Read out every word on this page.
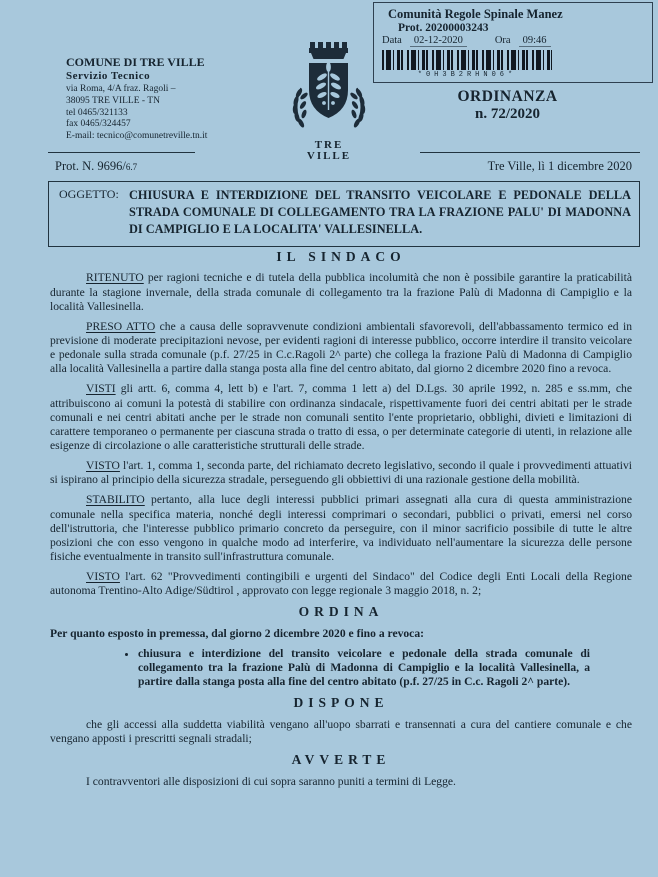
Comunità Regole Spinale Manez
Prot. 20200003243
Data	02-12-2020	Ora	09:46
*0H3B2RHN06*
COMUNE DI TRE VILLE
Servizio Tecnico
via Roma, 4/A fraz. Ragoli –
38095 TRE VILLE - TN
tel 0465/321133
fax 0465/324457
E-mail: tecnico@comunetreville.tn.it
TRE
VILLE
ORDINANZA
n. 72/2020
Prot. N. 9696/6.7	Tre Ville, lì 1 dicembre 2020
OGGETTO: CHIUSURA E INTERDIZIONE DEL TRANSITO VEICOLARE E PEDONALE DELLA STRADA COMUNALE DI COLLEGAMENTO TRA LA FRAZIONE PALU' DI MADONNA DI CAMPIGLIO E LA LOCALITA' VALLESINELLA.
IL SINDACO

RITENUTO per ragioni tecniche e di tutela della pubblica incolumità che non è possibile garantire la praticabilità durante la stagione invernale, della strada comunale di collegamento tra la frazione Palù di Madonna di Campiglio e la località Vallesinella.

PRESO ATTO che a causa delle sopravvenute condizioni ambientali sfavorevoli, dell'abbassamento termico ed in previsione di moderate precipitazioni nevose, per evidenti ragioni di interesse pubblico, occorre interdire il transito veicolare e pedonale sulla strada comunale (p.f. 27/25 in C.c.Ragoli 2^ parte) che collega la frazione Palù di Madonna di Campiglio alla località Vallesinella a partire dalla stanga posta alla fine del centro abitato, dal giorno 2 dicembre 2020 fino a revoca.

VISTI gli artt. 6, comma 4, lett b) e l'art. 7, comma 1 lett a) del D.Lgs. 30 aprile 1992, n. 285 e ss.mm, che attribuiscono ai comuni la potestà di stabilire con ordinanza sindacale, rispettivamente fuori dei centri abitati per le strade comunali e nei centri abitati anche per le strade non comunali sentito l'ente proprietario, obblighi, divieti e limitazioni di carattere temporaneo o permanente per ciascuna strada o tratto di essa, o per determinate categorie di utenti, in relazione alle esigenze di circolazione o alle caratteristiche strutturali delle strade.

VISTO l'art. 1, comma 1, seconda parte, del richiamato decreto legislativo, secondo il quale i provvedimenti attuativi si ispirano al principio della sicurezza stradale, perseguendo gli obbiettivi di una razionale gestione della mobilità.

STABILITO pertanto, alla luce degli interessi pubblici primari assegnati alla cura di questa amministrazione comunale nella specifica materia, nonché degli interessi comprimari o secondari, pubblici o privati, emersi nel corso dell'istruttoria, che l'interesse pubblico primario concreto da perseguire, con il minor sacrificio possibile di tutte le altre posizioni che con esso vengono in qualche modo ad interferire, va individuato nell'aumentare la sicurezza delle persone fisiche eventualmente in transito sull'infrastruttura comunale.

VISTO l'art. 62 "Provvedimenti contingibili e urgenti del Sindaco" del Codice degli Enti Locali della Regione autonoma Trentino-Alto Adige/Südtirol , approvato con legge regionale 3 maggio 2018, n. 2;

ORDINA

Per quanto esposto in premessa, dal giorno 2 dicembre 2020 e fino a revoca:

• chiusura e interdizione del transito veicolare e pedonale della strada comunale di collegamento tra la frazione Palù di Madonna di Campiglio e la località Vallesinella, a partire dalla stanga posta alla fine del centro abitato (p.f. 27/25 in C.c. Ragoli 2^ parte).
DISPONE

che gli accessi alla suddetta viabilità vengano all'uopo sbarrati e transennati a cura del cantiere comunale e che vengano apposti i prescritti segnali stradali;

AVVERTE

I contravventori alle disposizioni di cui sopra saranno puniti a termini di Legge.
